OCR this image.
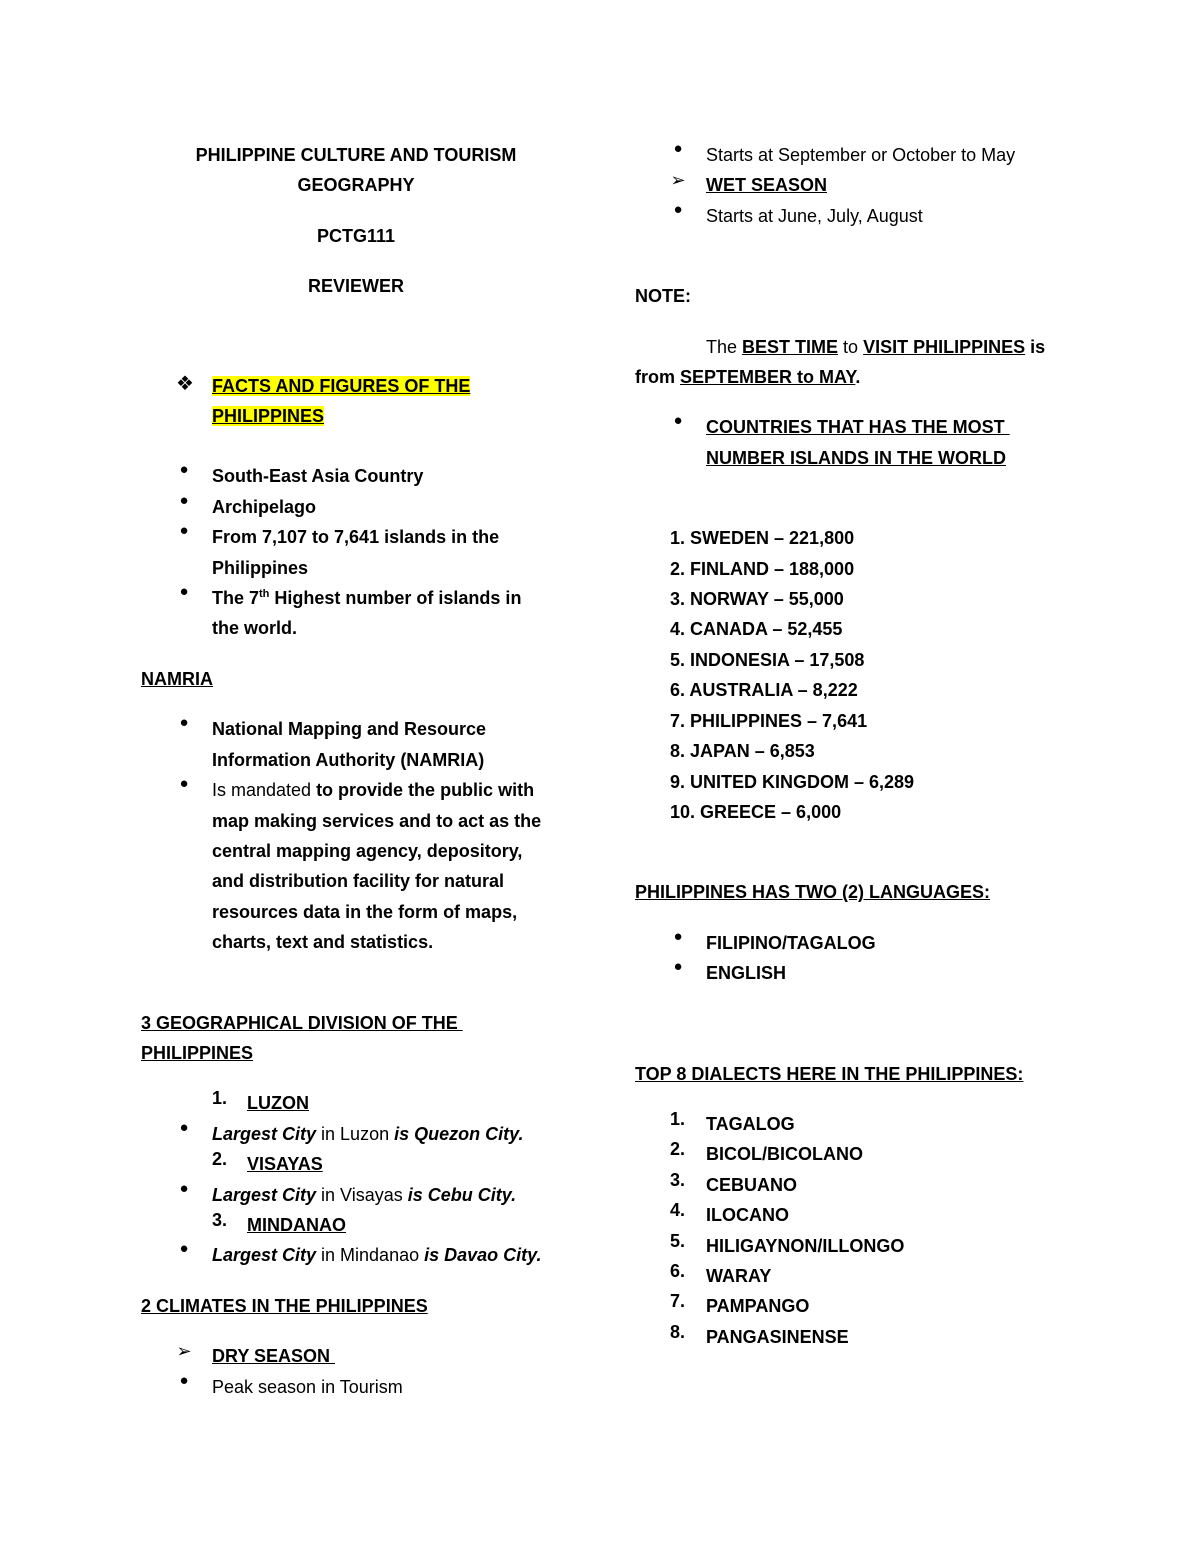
PHILIPPINE CULTURE AND TOURISM

GEOGRAPHY

PCTG111

REVIEWER

❖ FACTS AND FIGURES OF THE

PHILIPPINES

●	South-East Asia Country

●	Archipelago

●	From 7,107 to 7,641 islands in the

Philippines

●	The 7th Highest number of islands in

the world.

NAMRIA

●	National Mapping and Resource

Information Authority (NAMRIA)

●	Is mandated to provide the public with

map making services and to act as the

central mapping agency, depository,

and distribution facility for natural

resources data in the form of maps,

charts, text and statistics.

3 GEOGRAPHICAL DIVISION OF THE

PHILIPPINES

1. LUZON

●	Largest City in Luzon is Quezon City.

2. VISAYAS

●	Largest City in Visayas is Cebu City.

3. MINDANAO

●	Largest City in Mindanao is Davao City.

2 CLIMATES IN THE PHILIPPINES

➢ DRY SEASON

●	Peak season in Tourism

●	Starts at September or October to May

➢ WET SEASON

●	Starts at June, July, August

NOTE:

The BEST TIME to VISIT PHILIPPINES is

from SEPTEMBER to MAY.

●	COUNTRIES THAT HAS THE MOST

NUMBER ISLANDS IN THE WORLD

1. SWEDEN – 221,800

2. FINLAND – 188,000

3. NORWAY – 55,000

4. CANADA – 52,455

5. INDONESIA – 17,508

6. AUSTRALIA – 8,222

7. PHILIPPINES – 7,641

8. JAPAN – 6,853

9. UNITED KINGDOM – 6,289

10. GREECE – 6,000

PHILIPPINES HAS TWO (2) LANGUAGES:

●	FILIPINO/TAGALOG

●	ENGLISH

TOP 8 DIALECTS HERE IN THE PHILIPPINES:

1. TAGALOG

2. BICOL/BICOLANO

3. CEBUANO

4. ILOCANO

5. HILIGAYNON/ILLONGO

6. WARAY

7. PAMPANGO

8. PANGASINENSE
